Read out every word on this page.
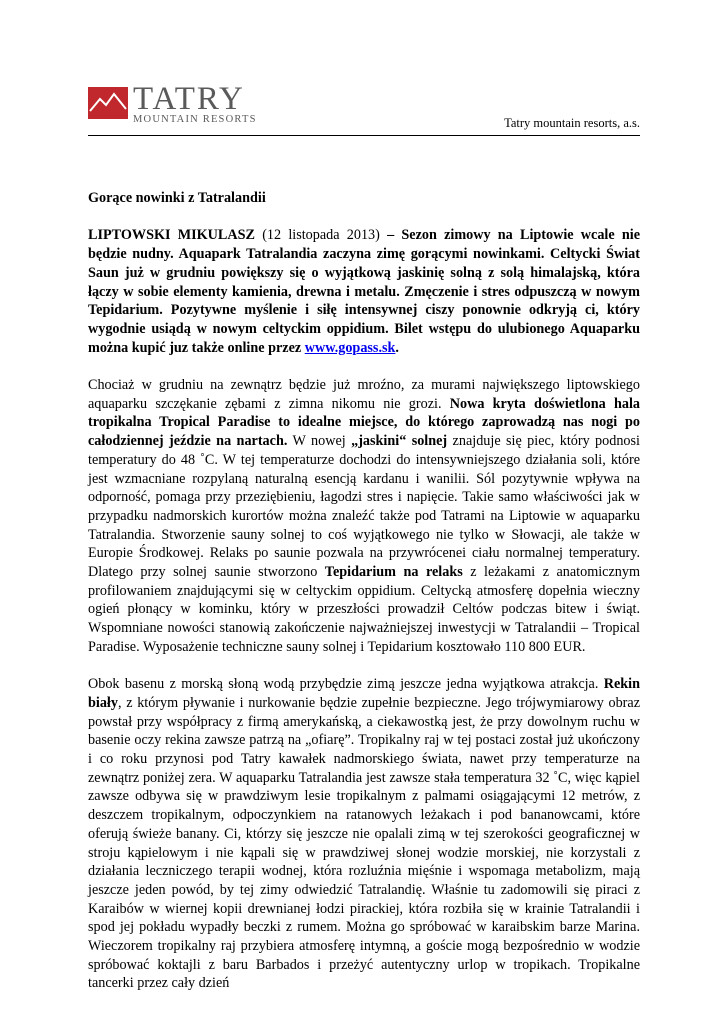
TATRY
MOUNTAIN RESORTS	Tatry mountain resorts, a.s.

Gorące nowinki z Tatralandii

LIPTOWSKI MIKULASZ (12 listopada 2013) – Sezon zimowy na Liptowie wcale nie będzie nudny. Aquapark Tatralandia zaczyna zimę gorącymi nowinkami. Celtycki Świat Saun już w grudniu powiększy się o wyjątkową jaskinię solną z solą himalajską, która łączy w sobie elementy kamienia, drewna i metalu. Zmęczenie i stres odpuszczą w nowym Tepidarium. Pozytywne myślenie i siłę intensywnej ciszy ponownie odkryją ci, który wygodnie usiądą w nowym celtyckim oppidium. Bilet wstępu do ulubionego Aquaparku można kupić juz także online przez www.gopass.sk.

Chociaż w grudniu na zewnątrz będzie już mroźno, za murami największego liptowskiego aquaparku szczękanie zębami z zimna nikomu nie grozi. Nowa kryta doświetlona hala tropikalna Tropical Paradise to idealne miejsce, do którego zaprowadzą nas nogi po całodziennej jeździe na nartach. W nowej „jaskini“ solnej znajduje się piec, który podnosi temperatury do 48 ˚C. W tej temperaturze dochodzi do intensywniejszego działania soli, które jest wzmacniane rozpylaną naturalną esencją kardanu i wanilii. Sól pozytywnie wpływa na odporność, pomaga przy przeziębieniu, łagodzi stres i napięcie. Takie samo właściwości jak w przypadku nadmorskich kurortów można znaleźć także pod Tatrami na Liptowie w aquaparku Tatralandia. Stworzenie sauny solnej to coś wyjątkowego nie tylko w Słowacji, ale także w Europie Środkowej. Relaks po saunie pozwala na przywrócenei ciału normalnej temperatury. Dlatego przy solnej saunie stworzono Tepidarium na relaks z leżakami z anatomicznym profilowaniem znajdującymi się w celtyckim oppidium. Celtycką atmosferę dopełnia wieczny ogień płonący w kominku, który w przeszłości prowadził Celtów podczas bitew i świąt. Wspomniane nowości stanowią zakończenie najważniejszej inwestycji w Tatralandii – Tropical Paradise. Wyposażenie techniczne sauny solnej i Tepidarium kosztowało 110 800 EUR.

Obok basenu z morską słoną wodą przybędzie zimą jeszcze jedna wyjątkowa atrakcja. Rekin biały, z którym pływanie i nurkowanie będzie zupełnie bezpieczne. Jego trójwymiarowy obraz powstał przy współpracy z firmą amerykańską, a ciekawostką jest, że przy dowolnym ruchu w basenie oczy rekina zawsze patrzą na „ofiarę”. Tropikalny raj w tej postaci został już ukończony i co roku przynosi pod Tatry kawałek nadmorskiego świata, nawet przy temperaturze na zewnątrz poniżej zera. W aquaparku Tatralandia jest zawsze stała temperatura 32 ˚C, więc kąpiel zawsze odbywa się w prawdziwym lesie tropikalnym z palmami osiągającymi 12 metrów, z deszczem tropikalnym, odpoczynkiem na ratanowych leżakach i pod bananowcami, które oferują świeże banany. Ci, którzy się jeszcze nie opalali zimą w tej szerokości geograficznej w stroju kąpielowym i nie kąpali się w prawdziwej słonej wodzie morskiej, nie korzystali z działania leczniczego terapii wodnej, która rozluźnia mięśnie i wspomaga metabolizm, mają jeszcze jeden powód, by tej zimy odwiedzić Tatralandię. Właśnie tu zadomowili się piraci z Karaibów w wiernej kopii drewnianej łodzi pirackiej, która rozbiła się w krainie Tatralandii i spod jej pokładu wypadły beczki z rumem. Można go spróbować w karaibskim barze Marina. Wieczorem tropikalny raj przybiera atmosferę intymną, a goście mogą bezpośrednio w wodzie spróbować koktajli z baru Barbados i przeżyć autentyczny urlop w tropikach. Tropikalne tancerki przez cały dzień
